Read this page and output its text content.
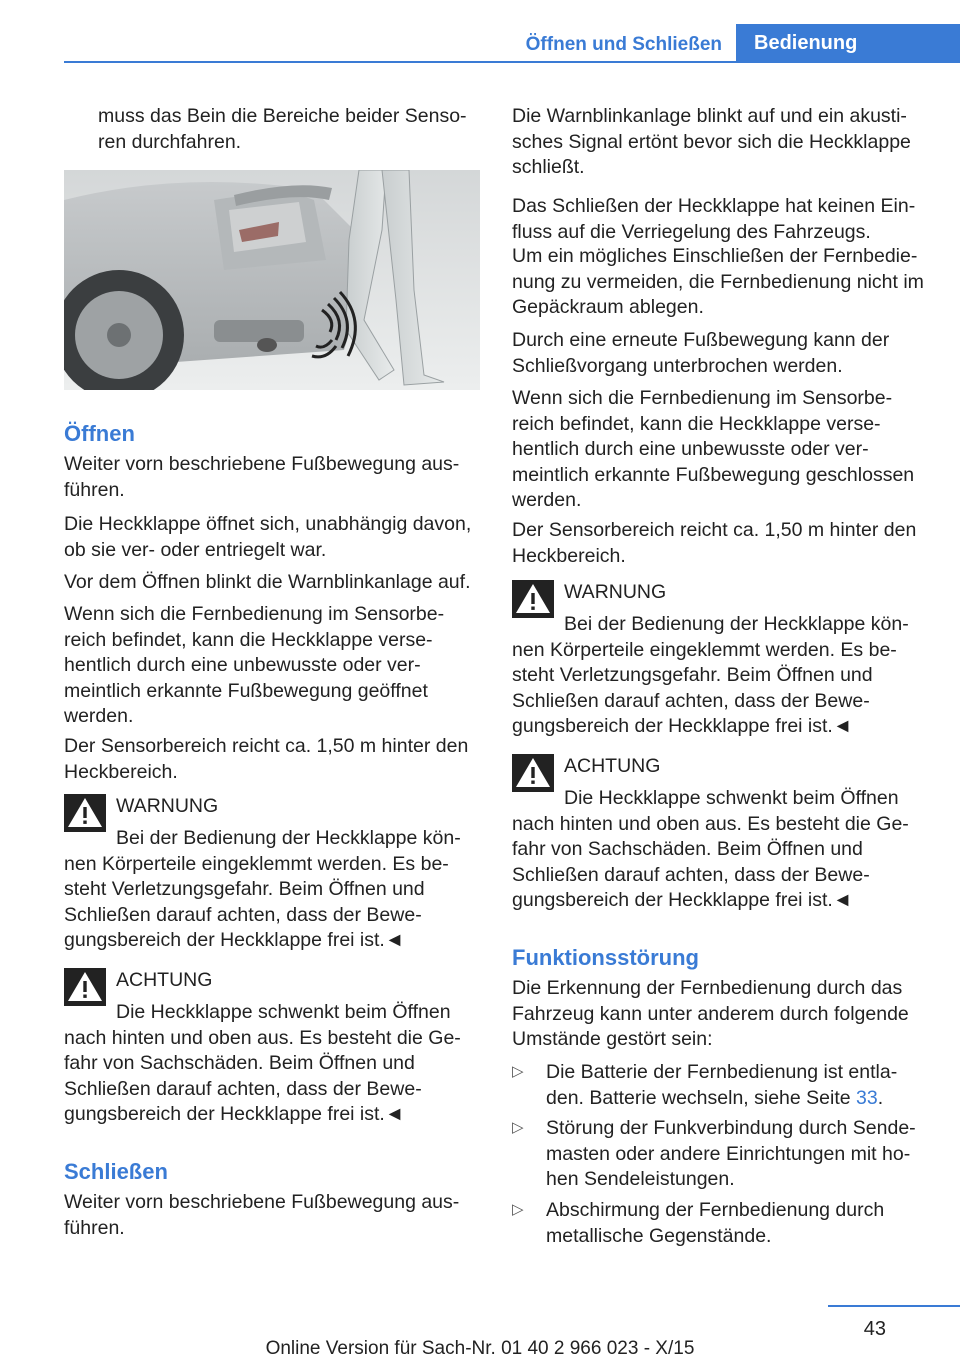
Öffnen und Schließen	Bedienung

muss das Bein die Bereiche beider Senso‐ ren durchfahren.

Öffnen

Weiter vorn beschriebene Fußbewegung aus‐ führen.

Die Heckklappe öffnet sich, unabhängig davon, ob sie ver‐ oder entriegelt war.

Vor dem Öffnen blinkt die Warnblinkanlage auf.

Wenn sich die Fernbedienung im Sensorbe‐ reich befindet, kann die Heckklappe verse‐ hentlich durch eine unbewusste oder ver‐ meintlich erkannte Fußbewegung geöffnet werden.

Der Sensorbereich reicht ca. 1,50 m hinter den Heckbereich.

WARNUNG
Bei der Bedienung der Heckklappe kön‐ nen Körperteile eingeklemmt werden. Es be‐ steht Verletzungsgefahr. Beim Öffnen und Schließen darauf achten, dass der Bewe‐ gungsbereich der Heckklappe frei ist.◄
ACHTUNG
Die Heckklappe schwenkt beim Öffnen nach hinten und oben aus. Es besteht die Ge‐ fahr von Sachschäden. Beim Öffnen und Schließen darauf achten, dass der Bewe‐ gungsbereich der Heckklappe frei ist.◄
Schließen

Weiter vorn beschriebene Fußbewegung aus‐ führen.

Die Warnblinkanlage blinkt auf und ein akusti‐ sches Signal ertönt bevor sich die Heckklappe schließt.

Das Schließen der Heckklappe hat keinen Ein‐ fluss auf die Verriegelung des Fahrzeugs.

Um ein mögliches Einschließen der Fernbedie‐ nung zu vermeiden, die Fernbedienung nicht im Gepäckraum ablegen.

Durch eine erneute Fußbewegung kann der Schließvorgang unterbrochen werden.

Wenn sich die Fernbedienung im Sensorbe‐ reich befindet, kann die Heckklappe verse‐ hentlich durch eine unbewusste oder ver‐ meintlich erkannte Fußbewegung geschlossen werden.

Der Sensorbereich reicht ca. 1,50 m hinter den Heckbereich.

WARNUNG
Bei der Bedienung der Heckklappe kön‐ nen Körperteile eingeklemmt werden. Es be‐ steht Verletzungsgefahr. Beim Öffnen und Schließen darauf achten, dass der Bewe‐ gungsbereich der Heckklappe frei ist.◄
ACHTUNG
Die Heckklappe schwenkt beim Öffnen nach hinten und oben aus. Es besteht die Ge‐ fahr von Sachschäden. Beim Öffnen und Schließen darauf achten, dass der Bewe‐ gungsbereich der Heckklappe frei ist.◄
Funktionsstörung

Die Erkennung der Fernbedienung durch das Fahrzeug kann unter anderem durch folgende Umstände gestört sein:

▷ Die Batterie der Fernbedienung ist entla‐ den. Batterie wechseln, siehe Seite 33.
▷ Störung der Funkverbindung durch Sende‐ masten oder andere Einrichtungen mit ho‐ hen Sendeleistungen.
▷ Abschirmung der Fernbedienung durch metallische Gegenstände.
43
Online Version für Sach-Nr. 01 40 2 966 023 - X/15
